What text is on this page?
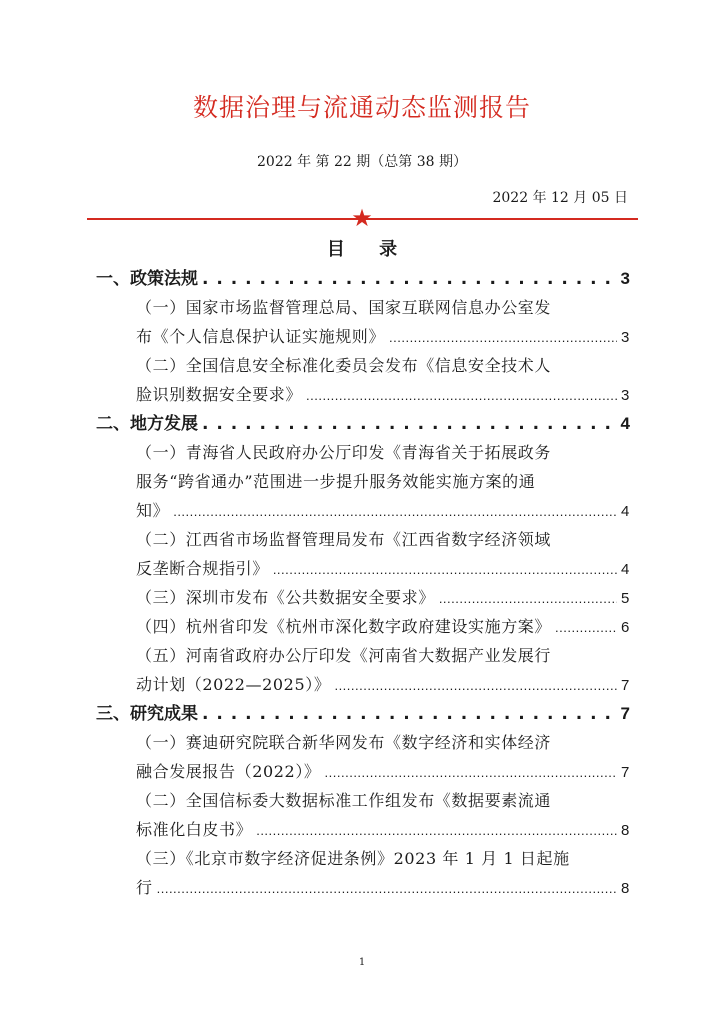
数据治理与流通动态监测报告
2022 年 第 22 期（总第 38 期）
2022 年 12 月 05 日
★
目 录
一、 政策法规 . . .	3
（一）国家市场监督管理总局、国家互联网信息办公室发
布《个人信息保护认证实施规则》 .....	3
（二）全国信息安全标准化委员会发布《信息安全技术人
脸识别数据安全要求》 .....	3
二、 地方发展 . . .	4
（一）青海省人民政府办公厅印发《青海省关于拓展政务
服务“跨省通办”范围进一步提升服务效能实施方案的通
知》 .....	4
（二）江西省市场监督管理局发布《江西省数字经济领域
反垄断合规指引》 .....	4
（三）深圳市发布《公共数据安全要求》 .....	5
（四）杭州省印发《杭州市深化数字政府建设实施方案》 .....	6
（五）河南省政府办公厅印发《河南省大数据产业发展行
动计划（2022—2025）》 .....	7
三、 研究成果 . . .	7
（一）赛迪研究院联合新华网发布《数字经济和实体经济
融合发展报告（2022）》 .....	7
（二）全国信标委大数据标准工作组发布《数据要素流通
标准化白皮书》 .....	8
（三）《北京市数字经济促进条例》2023 年 1 月 1 日起施
行 .....	8
1
